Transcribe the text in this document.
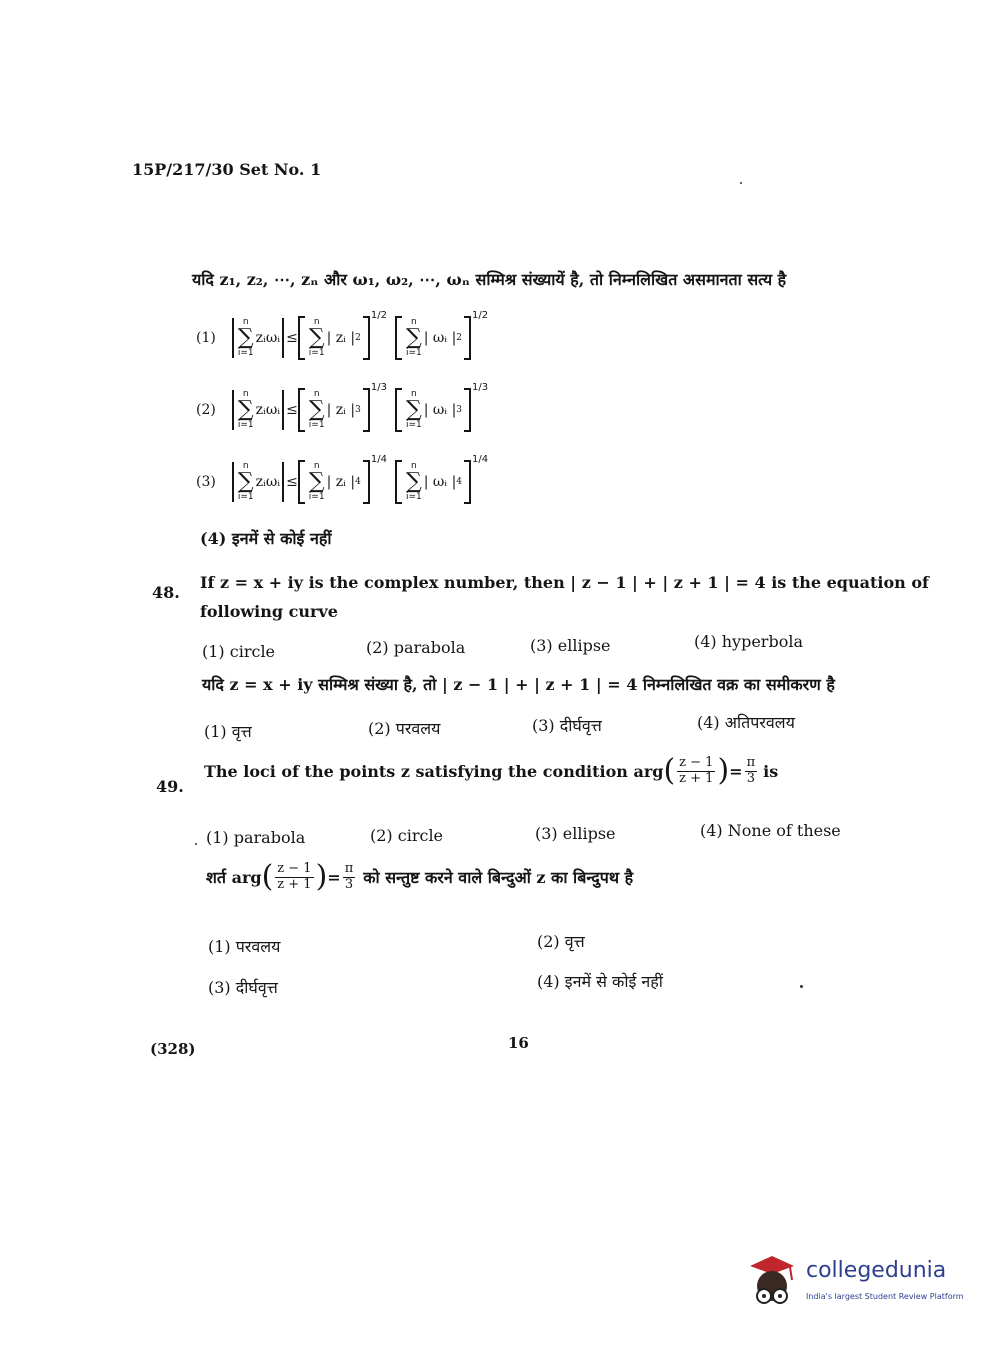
15P/217/30 Set No. 1
यदि z₁, z₂, ⋯, zₙ और ω₁, ω₂, ⋯, ωₙ सम्मिश्र संख्यायें है, तो निम्नलिखित असमानता सत्य है
(1)
n
∑
i=1
zᵢωᵢ ≤
n
∑
i=1
| zᵢ | 2
1/2
n
∑
i=1
| ωᵢ | 2
1/2
(2)
n
∑
i=1
zᵢωᵢ ≤
n
∑
i=1
| zᵢ | 3
1/3
n
∑
i=1
| ωᵢ | 3
1/3
(3)
n
∑
i=1
zᵢωᵢ ≤
n
∑
i=1
| zᵢ | 4
1/4
n
∑
i=1
| ωᵢ | 4
1/4
(4) इनमें से कोई नहीं
48.
If z = x + iy is the complex number, then | z − 1 | + | z + 1 | = 4 is the equation of
following curve
(1) circle	(2) parabola	(3) ellipse	(4) hyperbola
यदि z = x + iy सम्मिश्र संख्या है, तो | z − 1 | + | z + 1 | = 4 निम्नलिखित वक्र का समीकरण है
(1) वृत्त	(2) परवलय	(3) दीर्घवृत्त	(4) अतिपरवलय
49.
The loci of the points z satisfying the condition arg ( $\frac{z - 1}{z + 1}$ ) = $\frac{\pi}{3}$ is
(1) parabola	(2) circle	(3) ellipse	(4) None of these
शर्त arg ( $\frac{z - 1}{z + 1}$ ) = $\frac{\pi}{3}$ को सन्तुष्ट करने वाले बिन्दुओं z का बिन्दुपथ है
(1) परवलय	(2) वृत्त
(3) दीर्घवृत्त	(4) इनमें से कोई नहीं
(328)	16
collegedunia
India's largest Student Review Platform
